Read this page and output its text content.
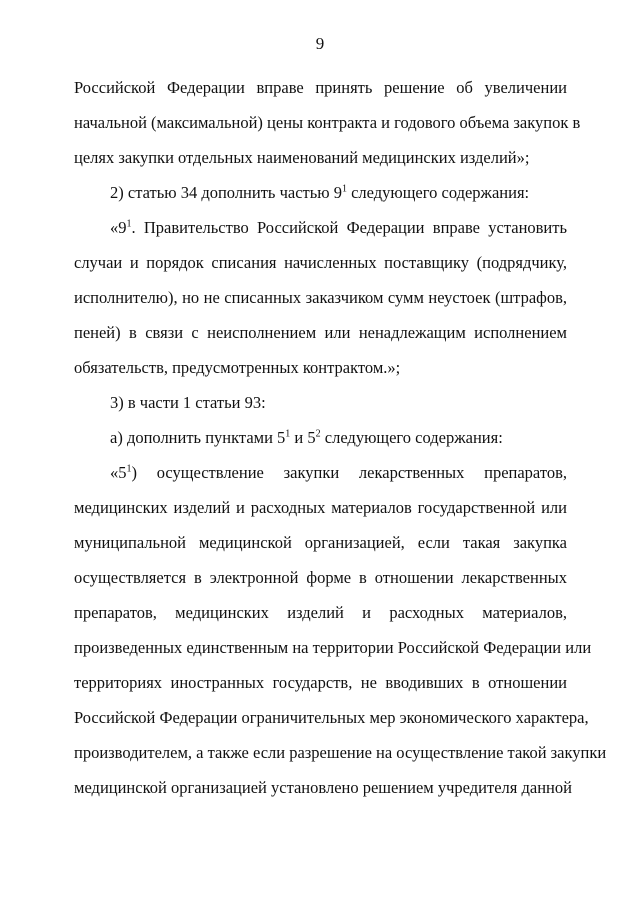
9
Российской Федерации вправе принять решение об увеличении
начальной (максимальной) цены контракта и годового объема закупок в
целях закупки отдельных наименований медицинских изделий»;
2) статью 34 дополнить частью $9^1$ следующего содержания:
«$9^1$. Правительство Российской Федерации вправе установить
случаи и порядок списания начисленных поставщику (подрядчику,
исполнителю), но не списанных заказчиком сумм неустоек (штрафов,
пеней) в связи с неисполнением или ненадлежащим исполнением
обязательств, предусмотренных контрактом.»;
3) в части 1 статьи 93:
а) дополнить пунктами $5^1$ и $5^2$ следующего содержания:
«$5^1$) осуществление закупки лекарственных препаратов,
медицинских изделий и расходных материалов государственной или
муниципальной медицинской организацией, если такая закупка
осуществляется в электронной форме в отношении лекарственных
препаратов, медицинских изделий и расходных материалов,
произведенных единственным на территории Российской Федерации или
территориях иностранных государств, не вводивших в отношении
Российской Федерации ограничительных мер экономического характера,
производителем, а также если разрешение на осуществление такой закупки
медицинской организацией установлено решением учредителя данной
